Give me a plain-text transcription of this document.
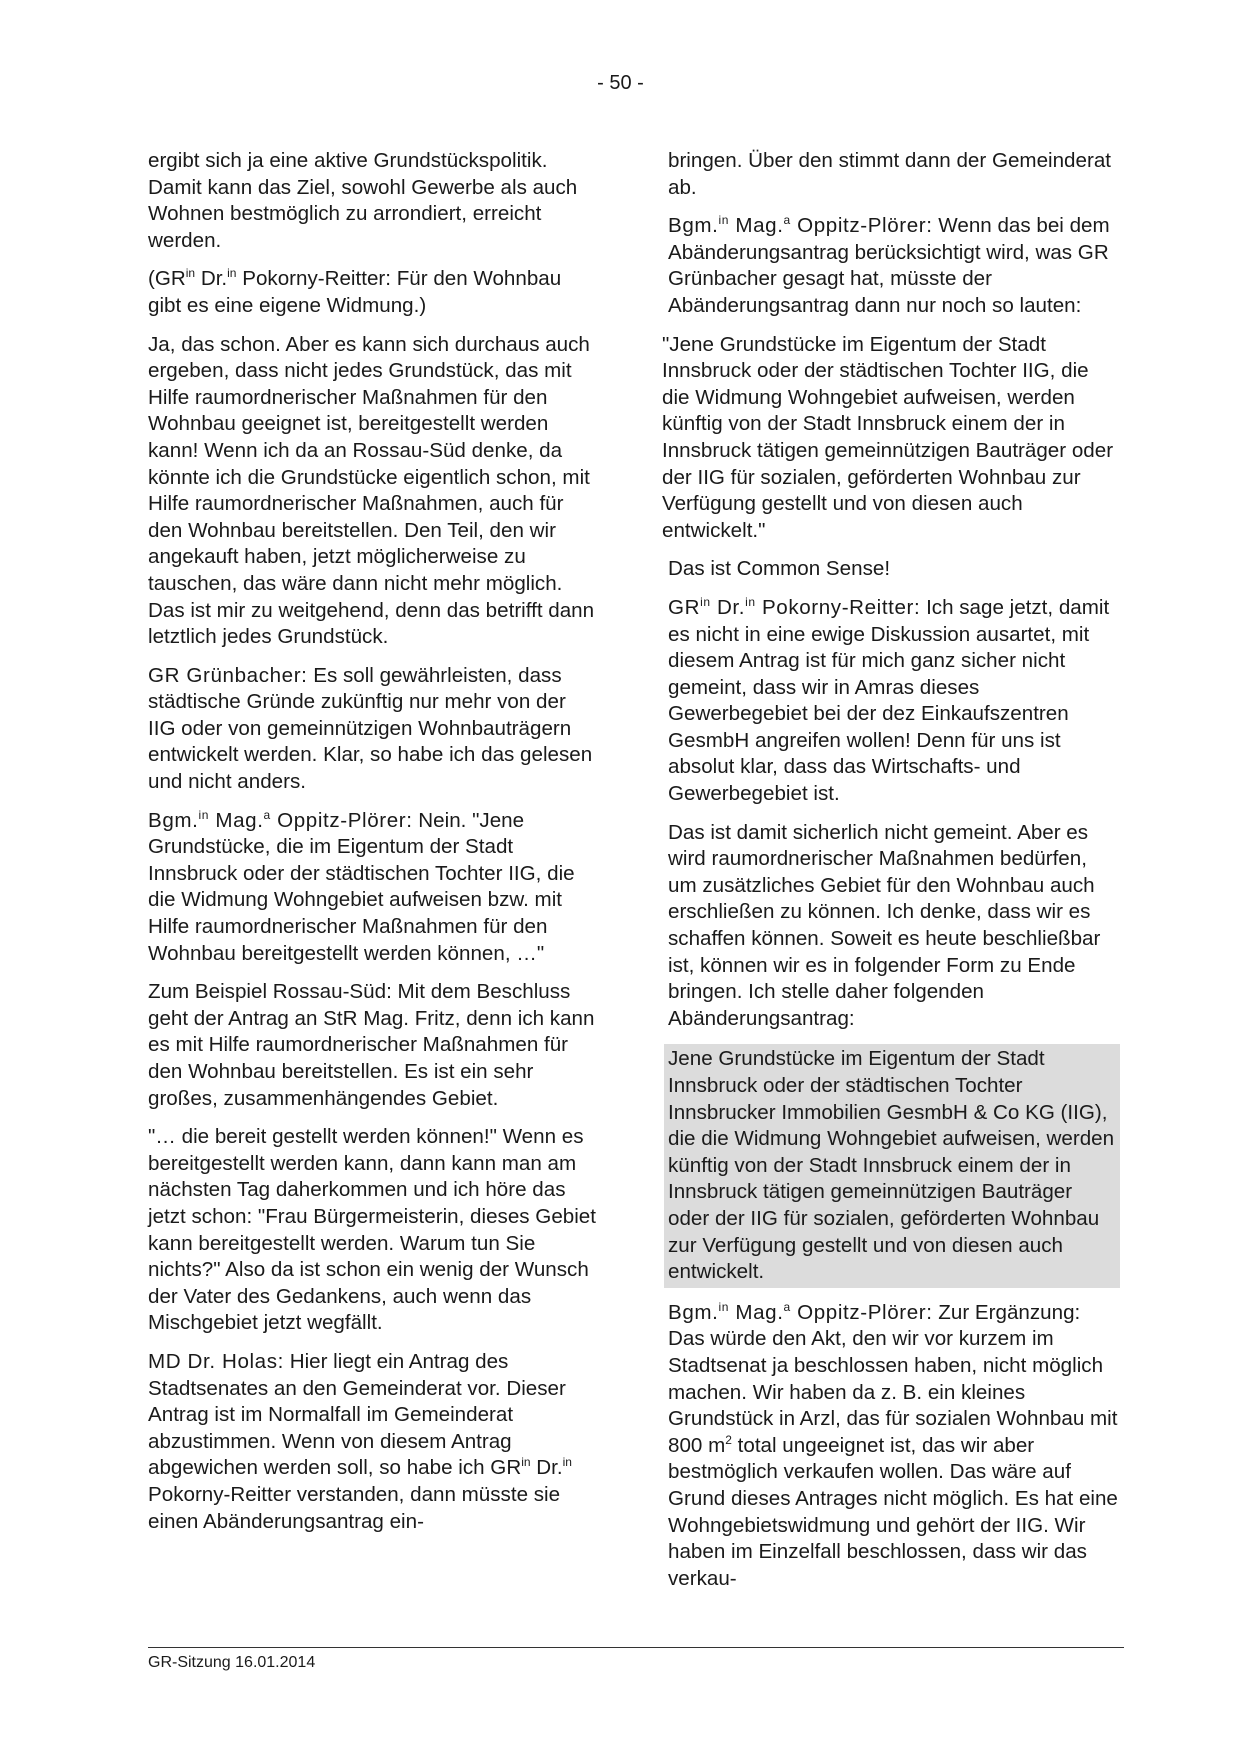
- 50 -

ergibt sich ja eine aktive Grundstückspolitik. Damit kann das Ziel, sowohl Gewerbe als auch Wohnen bestmöglich zu arrondiert, erreicht werden.

($GR^{in}$ Dr.$^{in}$ Pokorny-Reitter: Für den Wohnbau gibt es eine eigene Widmung.)

Ja, das schon. Aber es kann sich durchaus auch ergeben, dass nicht jedes Grundstück, das mit Hilfe raumordnerischer Maßnahmen für den Wohnbau geeignet ist, bereitgestellt werden kann! Wenn ich da an Rossau-Süd denke, da könnte ich die Grundstücke eigentlich schon, mit Hilfe raumordnerischer Maßnahmen, auch für den Wohnbau bereitstellen. Den Teil, den wir angekauft haben, jetzt möglicherweise zu tauschen, das wäre dann nicht mehr möglich. Das ist mir zu weitgehend, denn das betrifft dann letztlich jedes Grundstück.

GR Grünbacher: Es soll gewährleisten, dass städtische Gründe zukünftig nur mehr von der IIG oder von gemeinnützigen Wohnbauträgern entwickelt werden. Klar, so habe ich das gelesen und nicht anders.

Bgm.$^{in}$ Mag.$^a$ Oppitz-Plörer: Nein. "Jene Grundstücke, die im Eigentum der Stadt Innsbruck oder der städtischen Tochter IIG, die die Widmung Wohngebiet aufweisen bzw. mit Hilfe raumordnerischer Maßnahmen für den Wohnbau bereitgestellt werden können, …"

Zum Beispiel Rossau-Süd: Mit dem Beschluss geht der Antrag an StR Mag. Fritz, denn ich kann es mit Hilfe raumordnerischer Maßnahmen für den Wohnbau bereitstellen. Es ist ein sehr großes, zusammenhängendes Gebiet.

"… die bereit gestellt werden können!" Wenn es bereitgestellt werden kann, dann kann man am nächsten Tag daherkommen und ich höre das jetzt schon: "Frau Bürgermeisterin, dieses Gebiet kann bereitgestellt werden. Warum tun Sie nichts?" Also da ist schon ein wenig der Wunsch der Vater des Gedankens, auch wenn das Mischgebiet jetzt wegfällt.

MD Dr. Holas: Hier liegt ein Antrag des Stadtsenates an den Gemeinderat vor. Dieser Antrag ist im Normalfall im Gemeinderat abzustimmen. Wenn von diesem Antrag abgewichen werden soll, so habe ich $GR^{in}$ Dr.$^{in}$ Pokorny-Reitter verstanden, dann müsste sie einen Abänderungsantrag ein-

bringen. Über den stimmt dann der Gemeinderat ab.

Bgm.$^{in}$ Mag.$^a$ Oppitz-Plörer: Wenn das bei dem Abänderungsantrag berücksichtigt wird, was GR Grünbacher gesagt hat, müsste der Abänderungsantrag dann nur noch so lauten:

"Jene Grundstücke im Eigentum der Stadt Innsbruck oder der städtischen Tochter IIG, die die Widmung Wohngebiet aufweisen, werden künftig von der Stadt Innsbruck einem der in Innsbruck tätigen gemeinnützigen Bauträger oder der IIG für sozialen, geförderten Wohnbau zur Verfügung gestellt und von diesen auch entwickelt."

Das ist Common Sense!

$GR^{in}$ Dr.$^{in}$ Pokorny-Reitter: Ich sage jetzt, damit es nicht in eine ewige Diskussion ausartet, mit diesem Antrag ist für mich ganz sicher nicht gemeint, dass wir in Amras dieses Gewerbegebiet bei der dez Einkaufszentren GesmbH angreifen wollen! Denn für uns ist absolut klar, dass das Wirtschafts- und Gewerbegebiet ist.

Das ist damit sicherlich nicht gemeint. Aber es wird raumordnerischer Maßnahmen bedürfen, um zusätzliches Gebiet für den Wohnbau auch erschließen zu können. Ich denke, dass wir es schaffen können. Soweit es heute beschließbar ist, können wir es in folgender Form zu Ende bringen. Ich stelle daher folgenden Abänderungsantrag:

Jene Grundstücke im Eigentum der Stadt Innsbruck oder der städtischen Tochter Innsbrucker Immobilien GesmbH & Co KG (IIG), die die Widmung Wohngebiet aufweisen, werden künftig von der Stadt Innsbruck einem der in Innsbruck tätigen gemeinnützigen Bauträger oder der IIG für sozialen, geförderten Wohnbau zur Verfügung gestellt und von diesen auch entwickelt.

Bgm.$^{in}$ Mag.$^a$ Oppitz-Plörer: Zur Ergänzung: Das würde den Akt, den wir vor kurzem im Stadtsenat ja beschlossen haben, nicht möglich machen. Wir haben da z. B. ein kleines Grundstück in Arzl, das für sozialen Wohnbau mit 800 $m^2$ total ungeeignet ist, das wir aber bestmöglich verkaufen wollen. Das wäre auf Grund dieses Antrages nicht möglich. Es hat eine Wohngebietswidmung und gehört der IIG. Wir haben im Einzelfall beschlossen, dass wir das verkau-

GR-Sitzung 16.01.2014
